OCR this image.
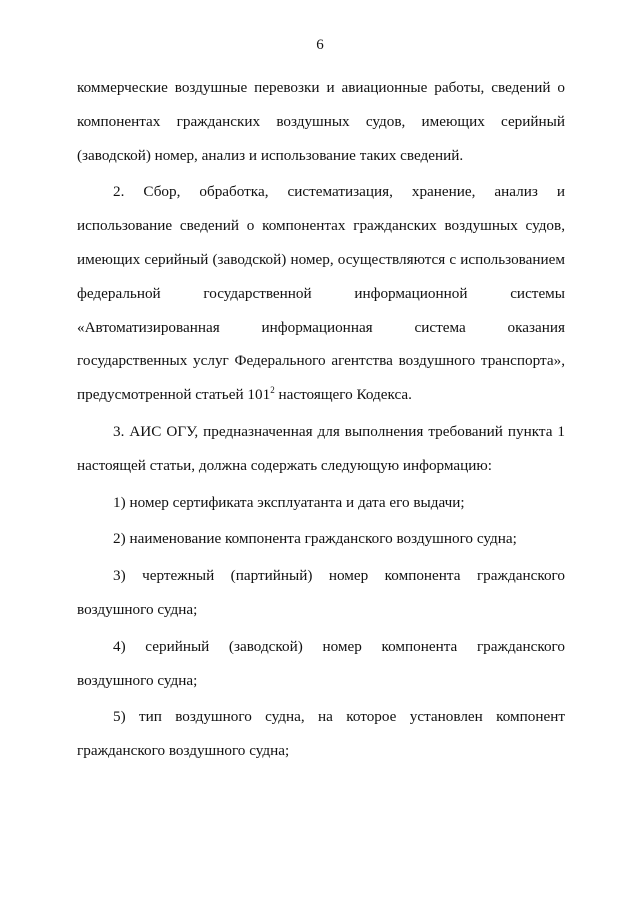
6

коммерческие воздушные перевозки и авиационные работы, сведений о компонентах гражданских воздушных судов, имеющих серийный (заводской) номер, анализ и использование таких сведений.

2. Сбор, обработка, систематизация, хранение, анализ и использование сведений о компонентах гражданских воздушных судов, имеющих серийный (заводской) номер, осуществляются с использованием федеральной государственной информационной системы «Автоматизированная информационная система оказания государственных услуг Федерального агентства воздушного транспорта», предусмотренной статьей $101^2$ настоящего Кодекса.

3. АИС ОГУ, предназначенная для выполнения требований пункта 1 настоящей статьи, должна содержать следующую информацию:

1) номер сертификата эксплуатанта и дата его выдачи;

2) наименование компонента гражданского воздушного судна;

3) чертежный (партийный) номер компонента гражданского воздушного судна;

4) серийный (заводской) номер компонента гражданского воздушного судна;

5) тип воздушного судна, на которое установлен компонент гражданского воздушного судна;
